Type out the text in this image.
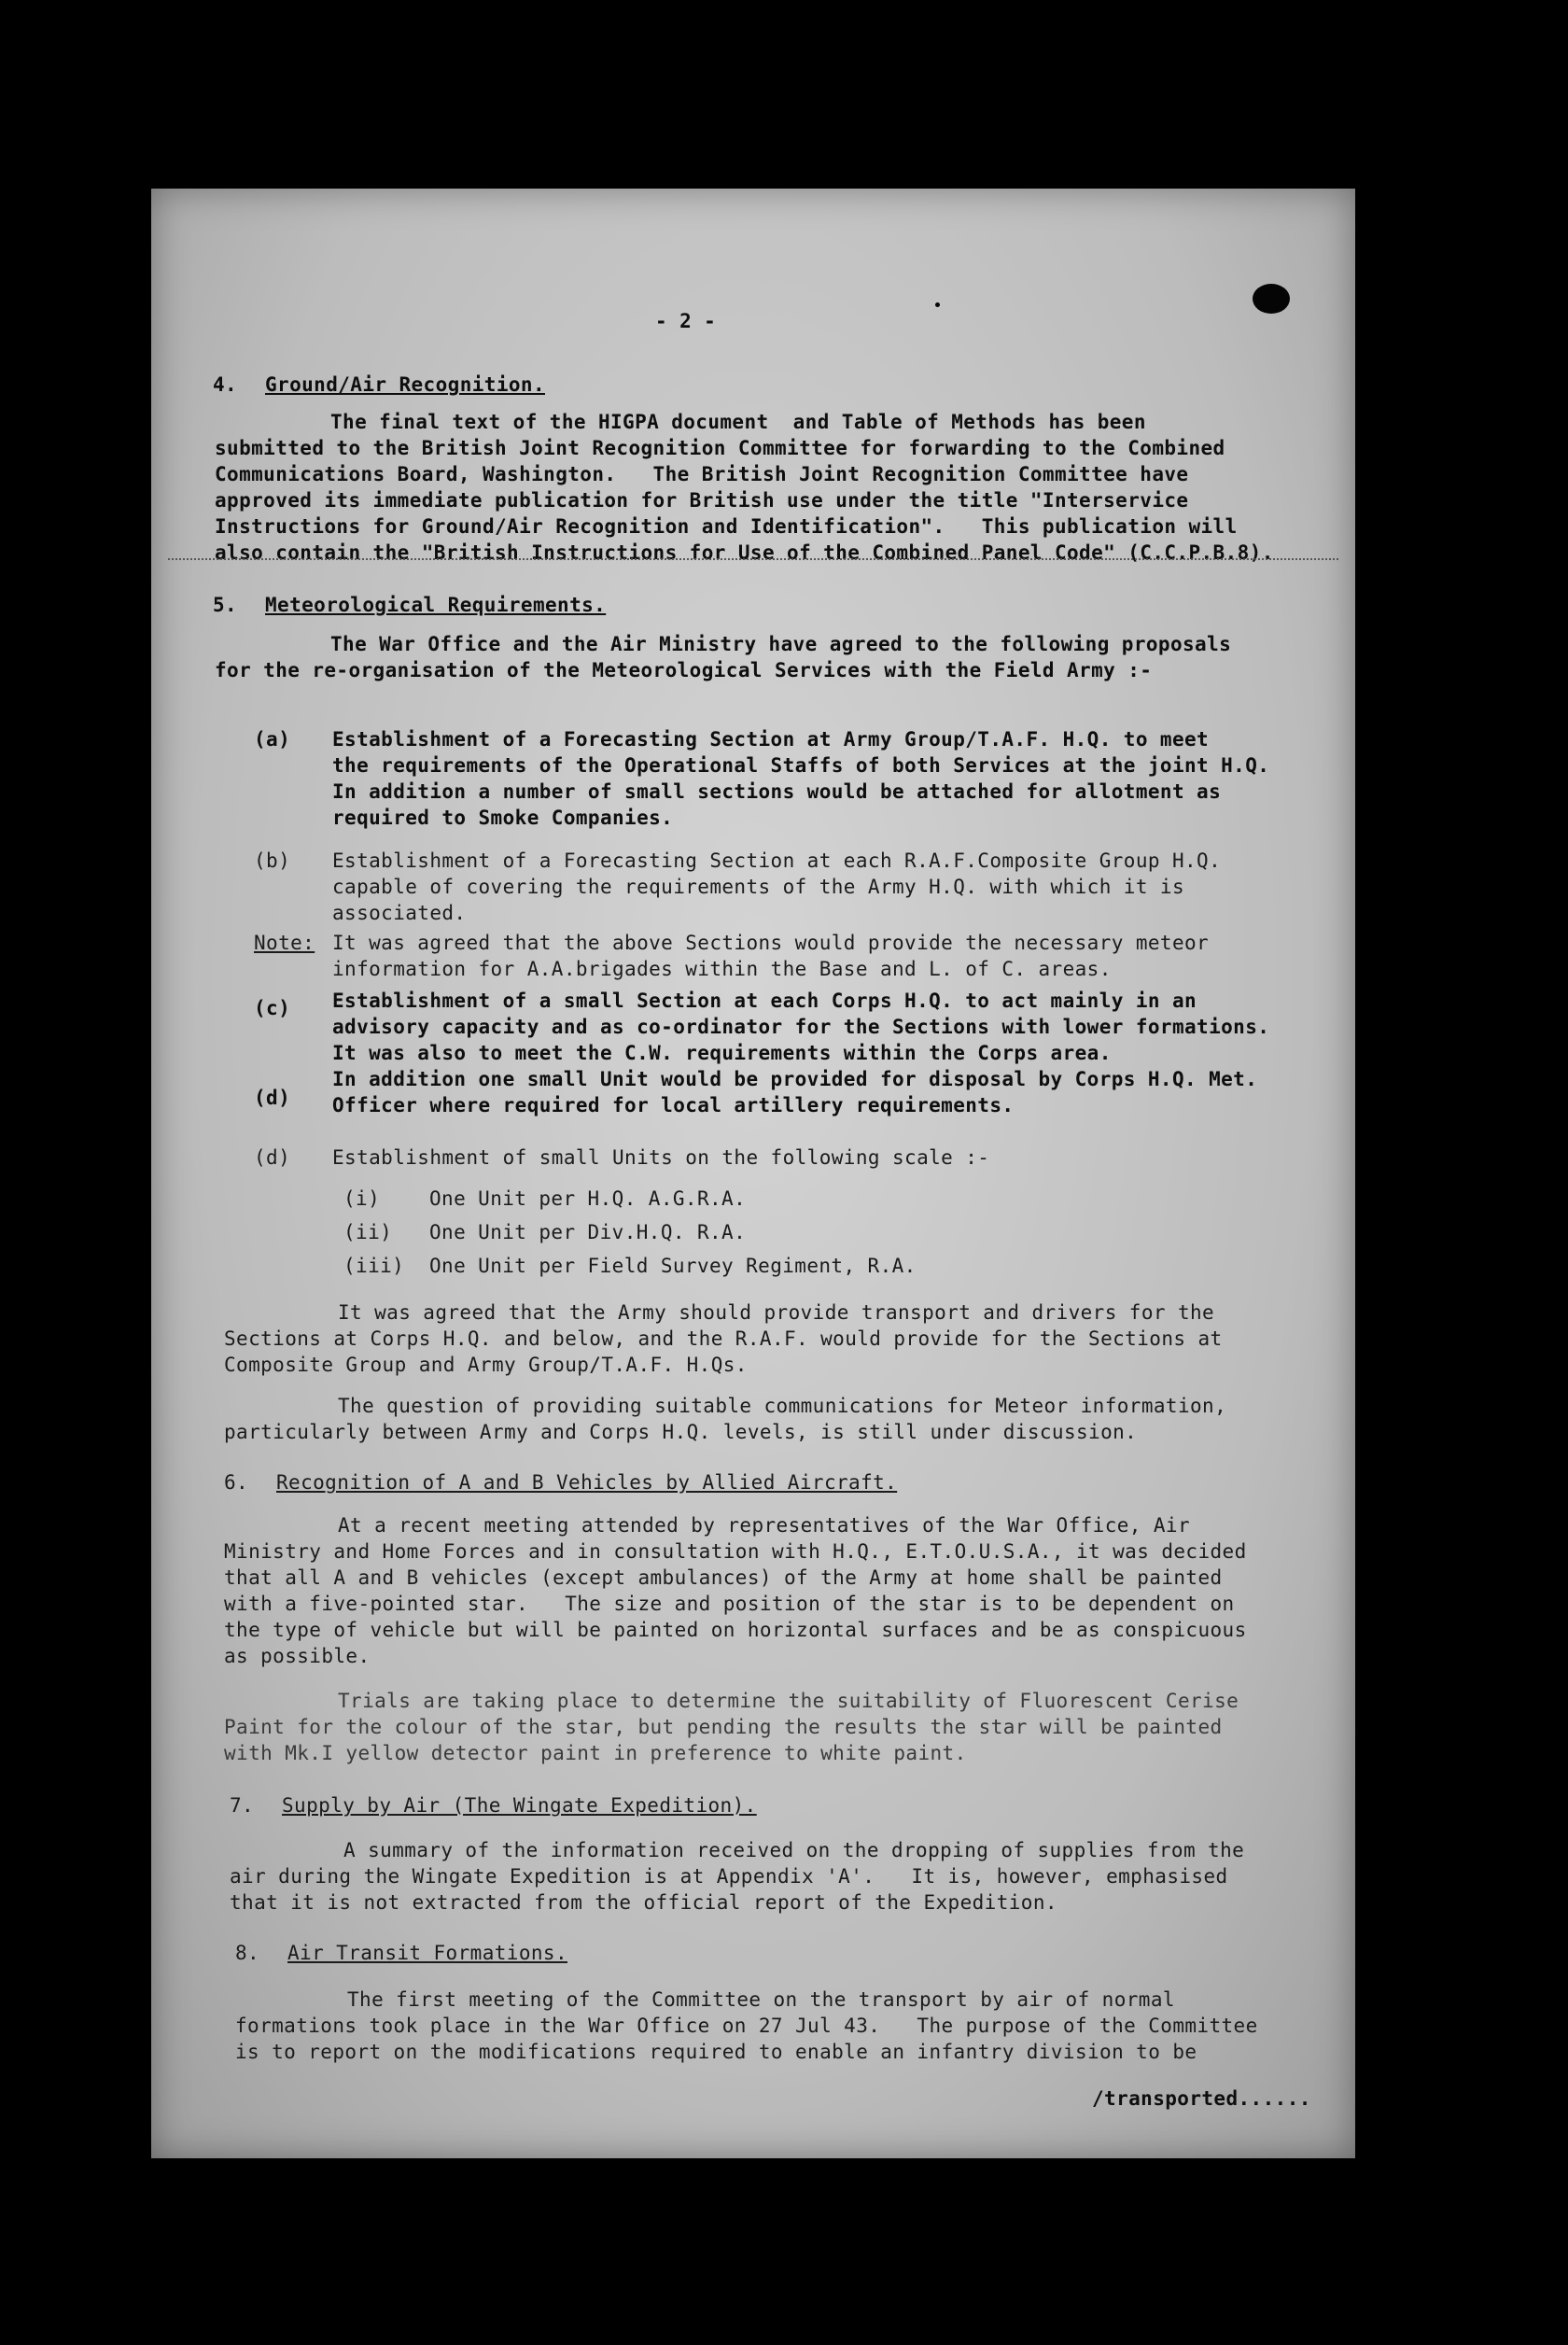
- 2 -
4. Ground/Air Recognition.
The final text of the HIGPA document  and Table of Methods has been
submitted to the British Joint Recognition Committee for forwarding to the Combined
Communications Board, Washington.   The British Joint Recognition Committee have
approved its immediate publication for British use under the title "Interservice
Instructions for Ground/Air Recognition and Identification".   This publication will
also contain the "British Instructions for Use of the Combined Panel Code" (C.C.P.B.8).
5. Meteorological Requirements.
The War Office and the Air Ministry have agreed to the following proposals
for the re-organisation of the Meteorological Services with the Field Army :-
(a) Establishment of a Forecasting Section at Army Group/T.A.F. H.Q. to meet
the requirements of the Operational Staffs of both Services at the joint H.Q.
In addition a number of small sections would be attached for allotment as
required to Smoke Companies.
(b) Establishment of a Forecasting Section at each R.A.F.Composite Group H.Q.
capable of covering the requirements of the Army H.Q. with which it is
associated.
Note: It was agreed that the above Sections would provide the necessary meteor
information for A.A.brigades within the Base and L. of C. areas.
(c) Establishment of a small Section at each Corps H.Q. to act mainly in an
advisory capacity and as co-ordinator for the Sections with lower formations.
It was also to meet the C.W. requirements within the Corps area.
(d)
In addition one small Unit would be provided for disposal by Corps H.Q. Met.
Officer where required for local artillery requirements.
(d) Establishment of small Units on the following scale :-
(i)	One Unit per H.Q. A.G.R.A.
(ii) One Unit per Div.H.Q. R.A.
(iii) One Unit per Field Survey Regiment, R.A.
It was agreed that the Army should provide transport and drivers for the
Sections at Corps H.Q. and below, and the R.A.F. would provide for the Sections at
Composite Group and Army Group/T.A.F. H.Qs.
The question of providing suitable communications for Meteor information,
particularly between Army and Corps H.Q. levels, is still under discussion.
6. Recognition of A and B Vehicles by Allied Aircraft.
At a recent meeting attended by representatives of the War Office, Air
Ministry and Home Forces and in consultation with H.Q., E.T.O.U.S.A., it was decided
that all A and B vehicles (except ambulances) of the Army at home shall be painted
with a five-pointed star.   The size and position of the star is to be dependent on
the type of vehicle but will be painted on horizontal surfaces and be as conspicuous
as possible.
Trials are taking place to determine the suitability of Fluorescent Cerise
Paint for the colour of the star, but pending the results the star will be painted
with Mk.I yellow detector paint in preference to white paint.
7. Supply by Air (The Wingate Expedition).
A summary of the information received on the dropping of supplies from the
air during the Wingate Expedition is at Appendix 'A'.   It is, however, emphasised
that it is not extracted from the official report of the Expedition.
8. Air Transit Formations.
The first meeting of the Committee on the transport by air of normal
formations took place in the War Office on 27 Jul 43.   The purpose of the Committee
is to report on the modifications required to enable an infantry division to be
/transported......
